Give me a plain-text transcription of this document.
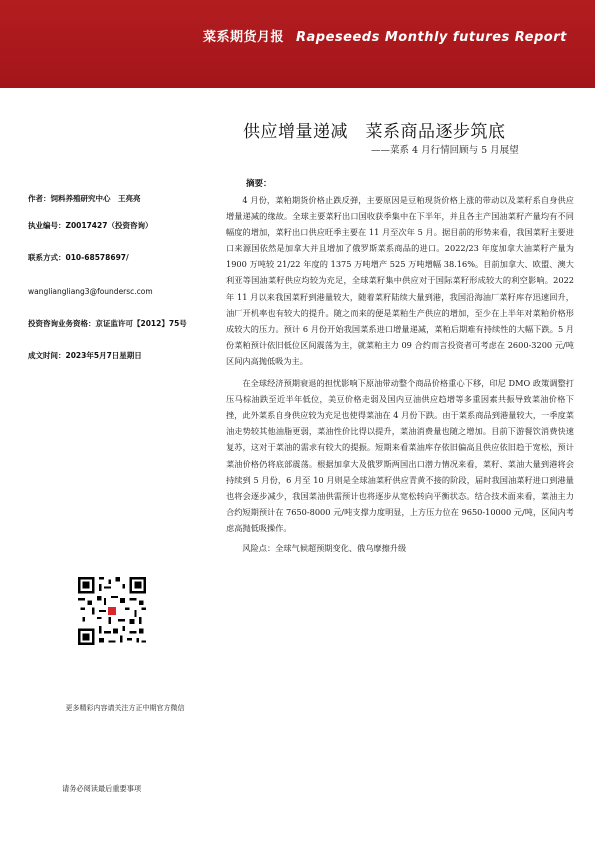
菜系期货月报 Rapeseeds Monthly futures Report
供应增量递减　菜系商品逐步筑底
——菜系 4 月行情回顾与 5 月展望
作者：饲料养殖研究中心　王亮亮
执业编号：Z0017427（投资咨询）
联系方式：010-68578697/
wangliangliang3@foundersc.com
投资咨询业务资格：京证监许可【2012】75号
成文时间：2023年5月7日星期日
摘要：

4 月份，菜粕期货价格止跌反弹，主要原因是豆粕现货价格上涨的带动以及菜籽系自身供应增量递减的缘故。全球主要菜籽出口国收获季集中在下半年，并且各主产国油菜籽产量均有不同幅度的增加，菜籽出口供应旺季主要在 11 月至次年 5 月。据目前的形势来看，我国菜籽主要进口来源国依然是加拿大并且增加了俄罗斯菜系商品的进口。2022/23 年度加拿大油菜籽产量为 1900 万吨较 21/22 年度的 1375 万吨增产 525 万吨增幅 38.16%。目前加拿大、欧盟、澳大利亚等国油菜籽供应均较为充足，全球菜籽集中供应对于国际菜籽形成较大的利空影响。2022 年 11 月以来我国菜籽到港量较大，随着菜籽陆续大量到港，我国沿海油厂菜籽库存迅速回升，油厂开机率也有较大的提升。随之而来的便是菜粕生产供应的增加，至少在上半年对菜粕价格形成较大的压力。预计 6 月份开始我国菜系进口增量递减，菜粕后期难有持续性的大幅下跌。5 月份菜粕预计依旧低位区间震荡为主，就菜粕主力 09 合约而言投资者可考虑在 2600-3200 元/吨区间内高抛低吸为主。

在全球经济预期衰退的担忧影响下原油带动整个商品价格重心下移，印尼 DMO 政策调整打压马棕油跌至近半年低位，美豆价格走弱及国内豆油供应趋增等多重因素共振导致菜油价格下挫，此外菜系自身供应较为充足也使得菜油在 4 月份下跌。由于菜系商品到港量较大，一季度菜油走势较其他油脂更弱，菜油性价比得以提升，菜油消费量也随之增加。目前下游餐饮消费快速复苏，这对于菜油的需求有较大的提振。短期来看菜油库存依旧偏高且供应依旧趋于宽松，预计菜油价格仍将底部震荡。根据加拿大及俄罗斯两国出口潜力情况来看，菜籽、菜油大量到港将会持续到 5 月份，6 月至 10 月则是全球油菜籽供应青黄不接的阶段，届时我国油菜籽进口到港量也将会逐步减少，我国菜油供需预计也将逐步从宽松转向平衡状态。结合技术面来看，菜油主力合约短期预计在 7650-8000 元/吨支撑力度明显，上方压力位在 9650-10000 元/吨，区间内考虑高抛低吸操作。

风险点：全球气候超预期变化、俄乌摩擦升级

更多精彩内容请关注方正中期官方微信
请务必阅读最后重要事项
